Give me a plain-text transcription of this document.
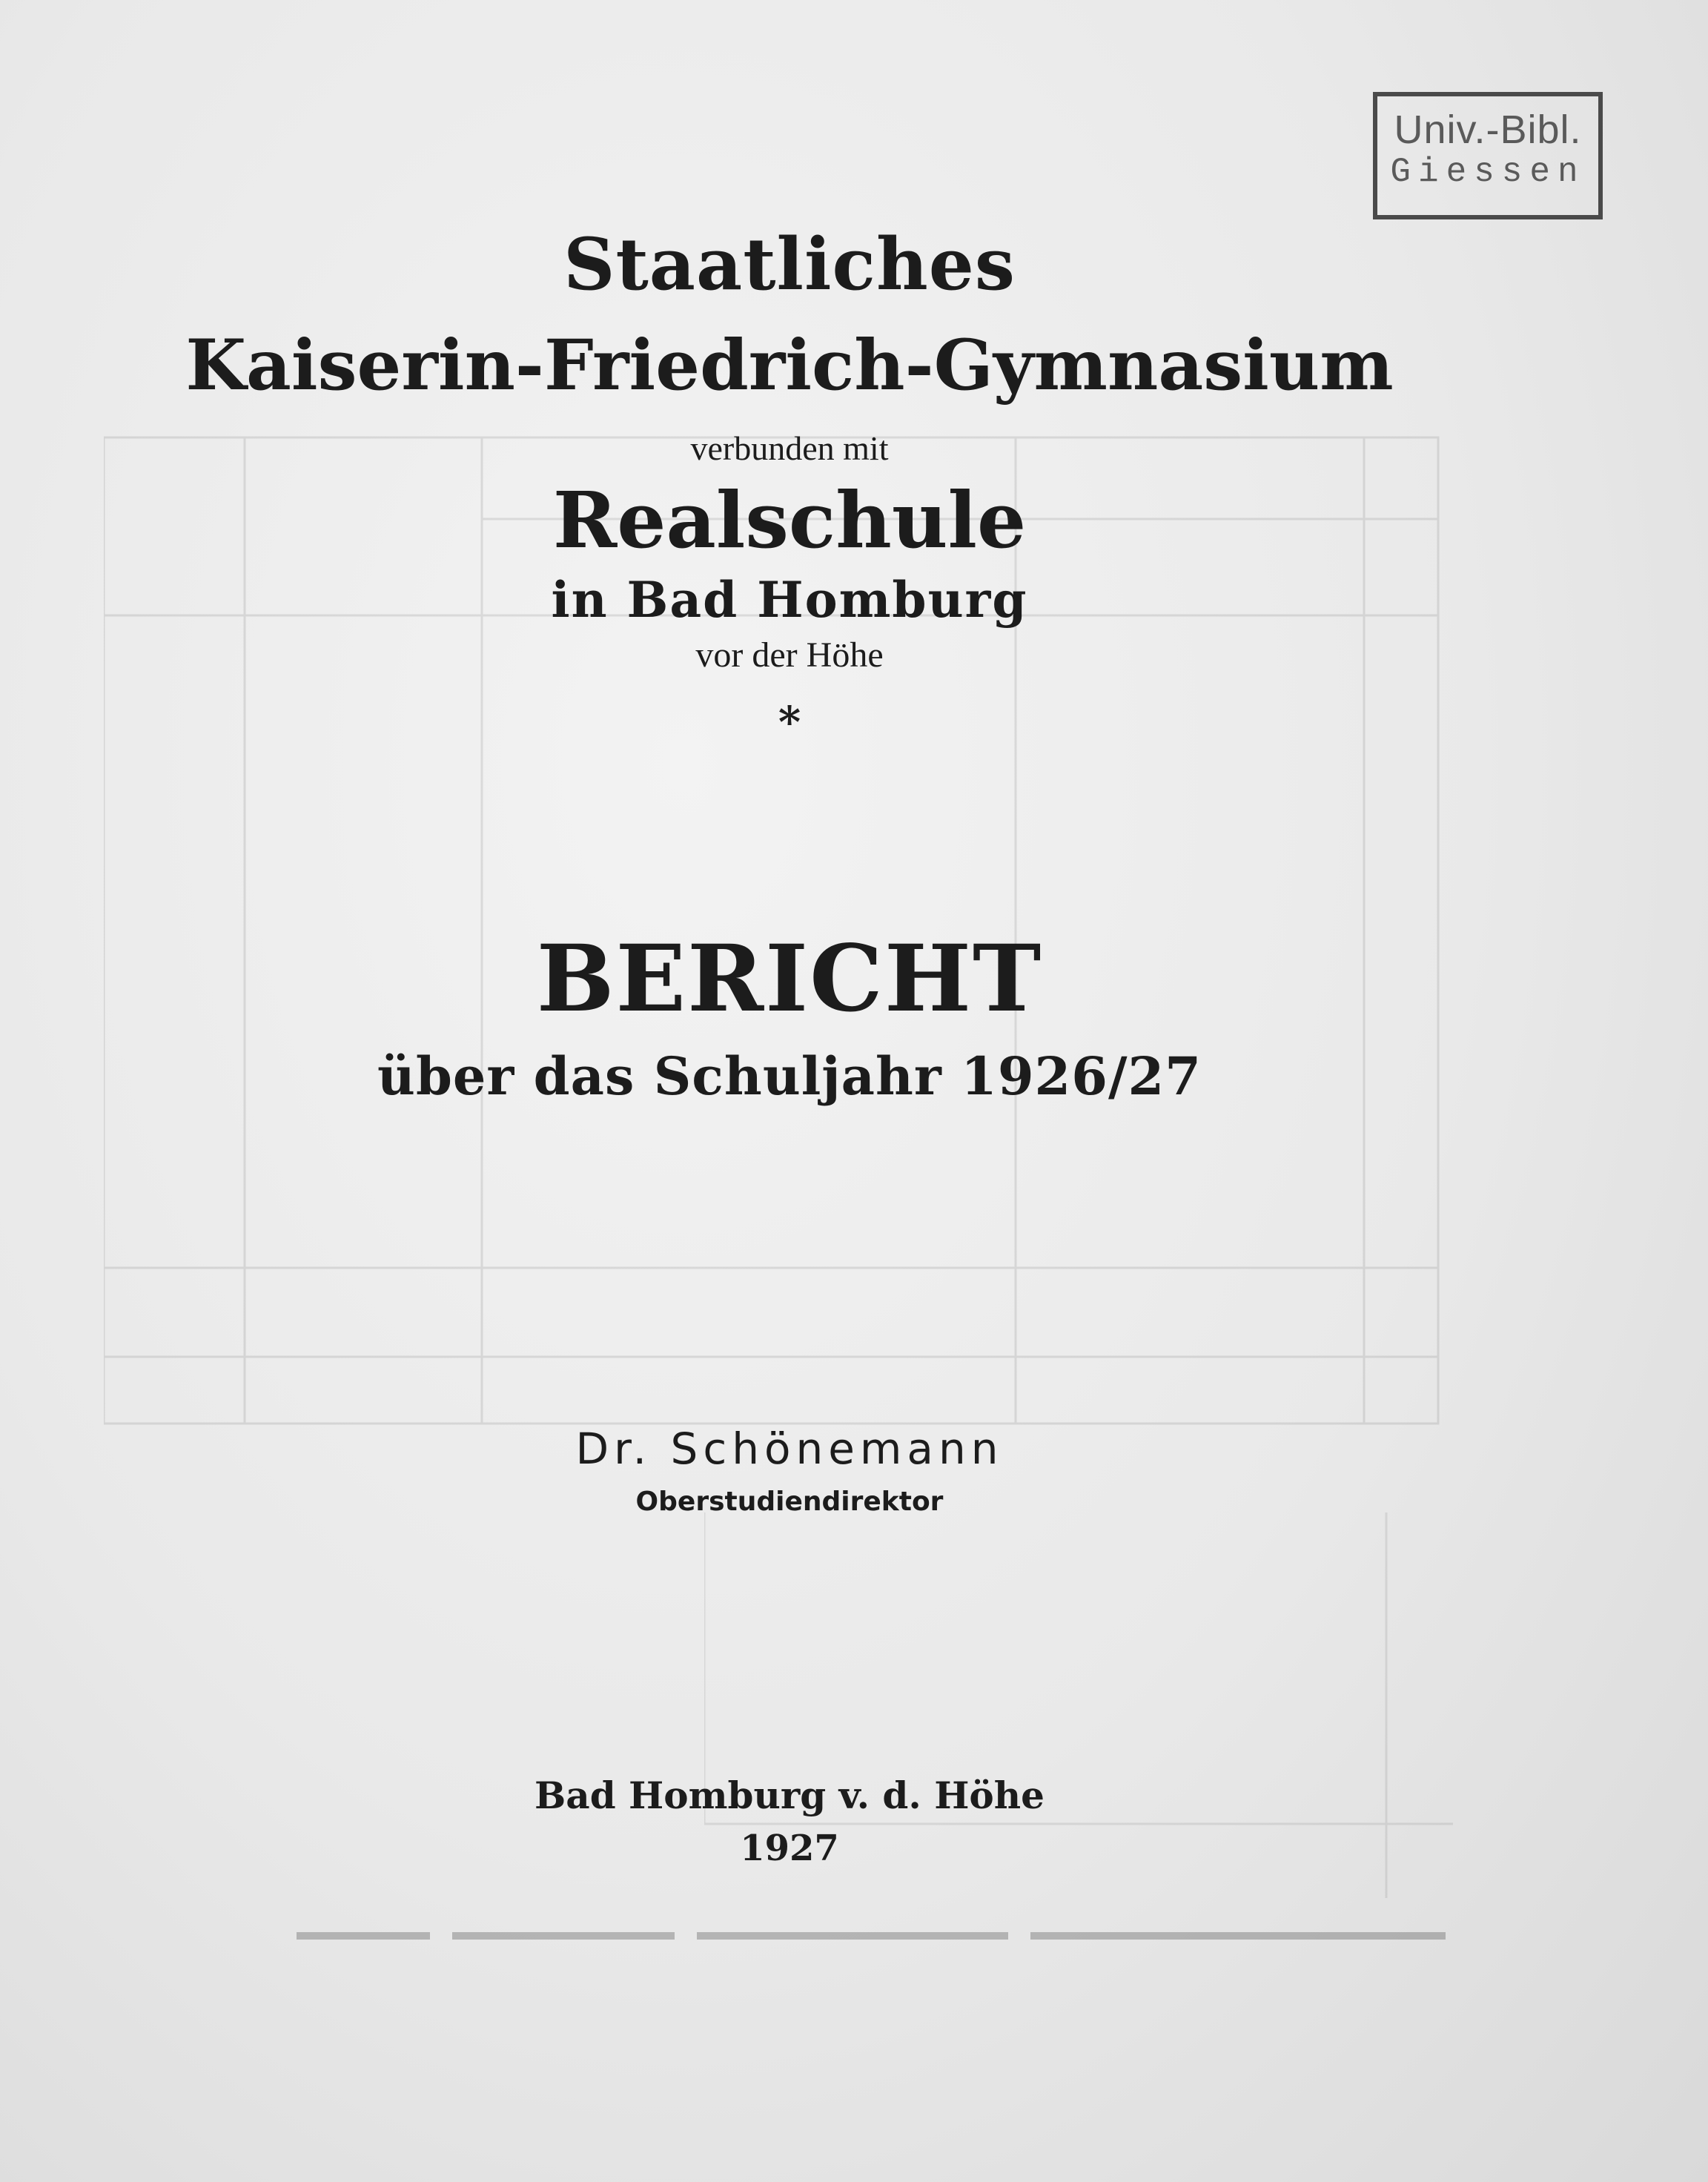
Univ.-Bibl.
Giessen
Staatliches
Kaiserin-Friedrich-Gymnasium
verbunden mit
Realschule
in Bad Homburg
vor der Höhe
*
BERICHT
über das Schuljahr 1926/27
Dr. Schönemann
Oberstudiendirektor
Bad Homburg v. d. Höhe
1927
